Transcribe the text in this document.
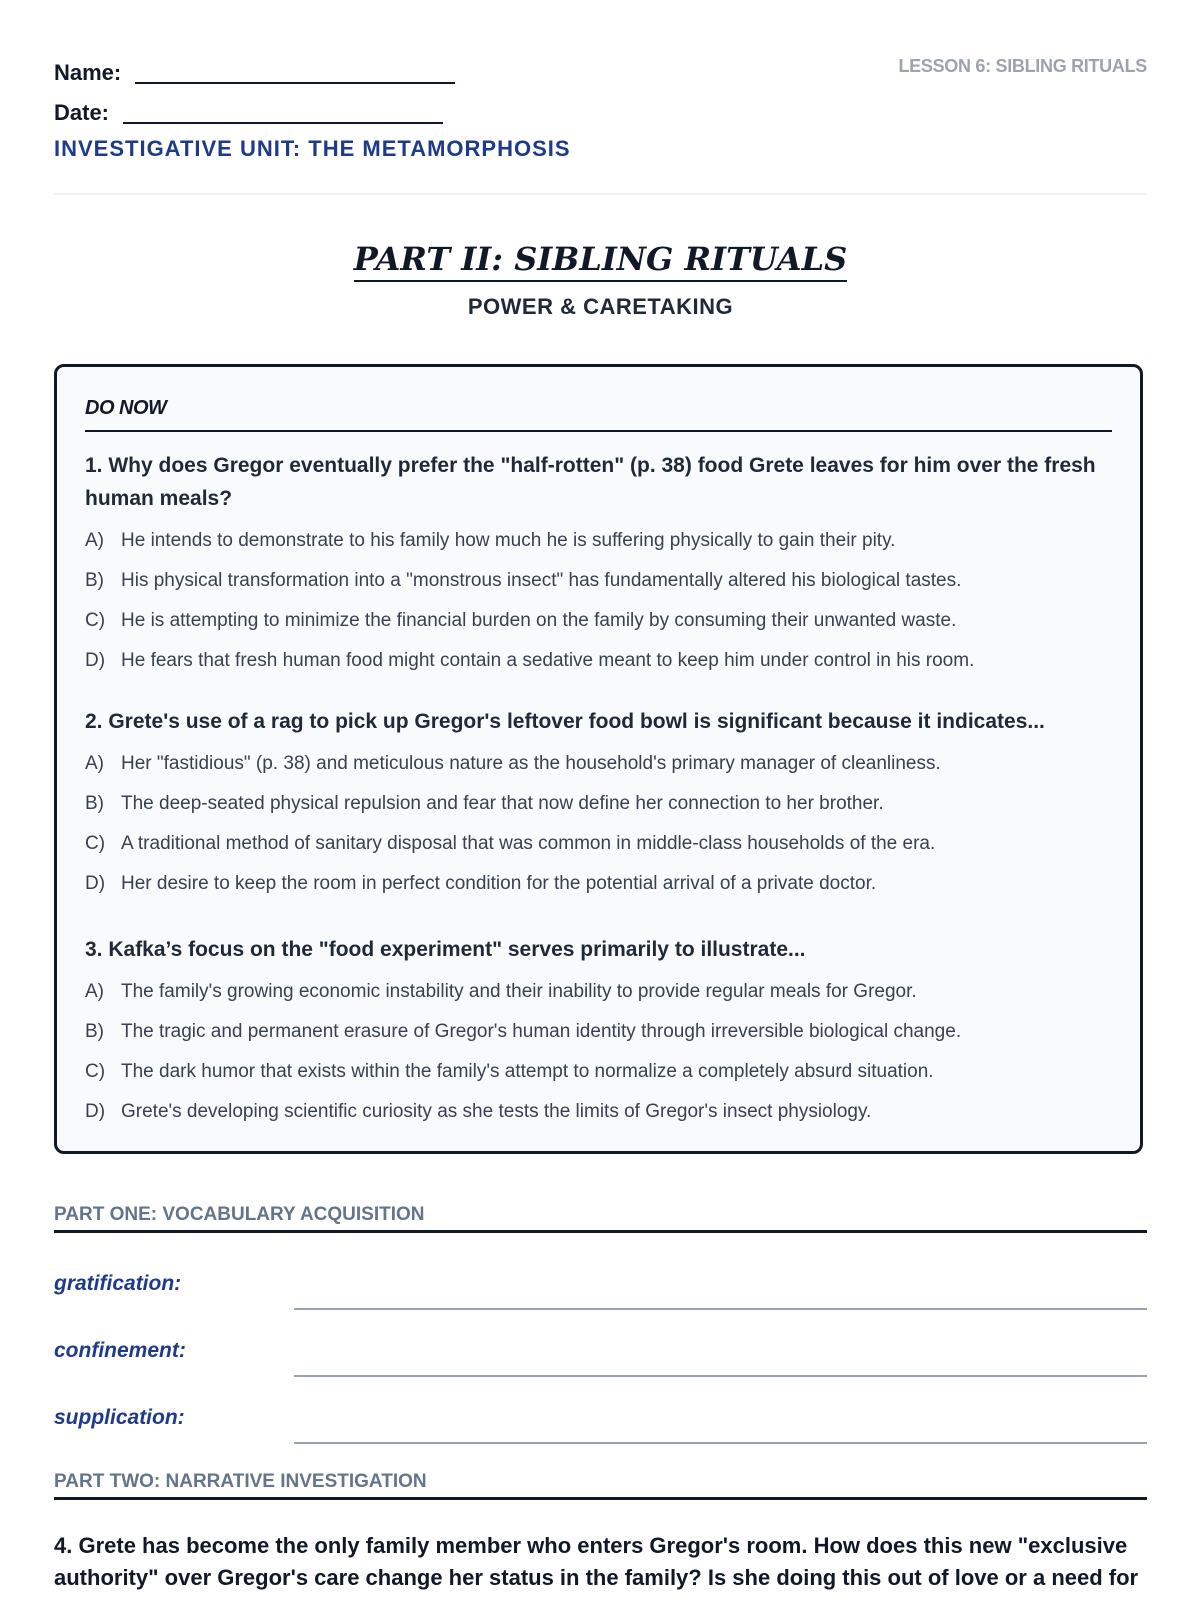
Name:
Date:
INVESTIGATIVE UNIT: THE METAMORPHOSIS
LESSON 6: SIBLING RITUALS
PART II: SIBLING RITUALS
POWER & CARETAKING
DO NOW
1. Why does Gregor eventually prefer the "half-rotten" (p. 38) food Grete leaves for him over the fresh human meals?
A) He intends to demonstrate to his family how much he is suffering physically to gain their pity.
B) His physical transformation into a "monstrous insect" has fundamentally altered his biological tastes.
C) He is attempting to minimize the financial burden on the family by consuming their unwanted waste.
D) He fears that fresh human food might contain a sedative meant to keep him under control in his room.
2. Grete's use of a rag to pick up Gregor's leftover food bowl is significant because it indicates...
A) Her "fastidious" (p. 38) and meticulous nature as the household's primary manager of cleanliness.
B) The deep-seated physical repulsion and fear that now define her connection to her brother.
C) A traditional method of sanitary disposal that was common in middle-class households of the era.
D) Her desire to keep the room in perfect condition for the potential arrival of a private doctor.
3. Kafka’s focus on the "food experiment" serves primarily to illustrate...
A) The family's growing economic instability and their inability to provide regular meals for Gregor.
B) The tragic and permanent erasure of Gregor's human identity through irreversible biological change.
C) The dark humor that exists within the family's attempt to normalize a completely absurd situation.
D) Grete's developing scientific curiosity as she tests the limits of Gregor's insect physiology.
PART ONE: VOCABULARY ACQUISITION
gratification:
confinement:
supplication:
PART TWO: NARRATIVE INVESTIGATION
4. Grete has become the only family member who enters Gregor's room. How does this new "exclusive authority" over Gregor's care change her status in the family? Is she doing this out of love or a need for
